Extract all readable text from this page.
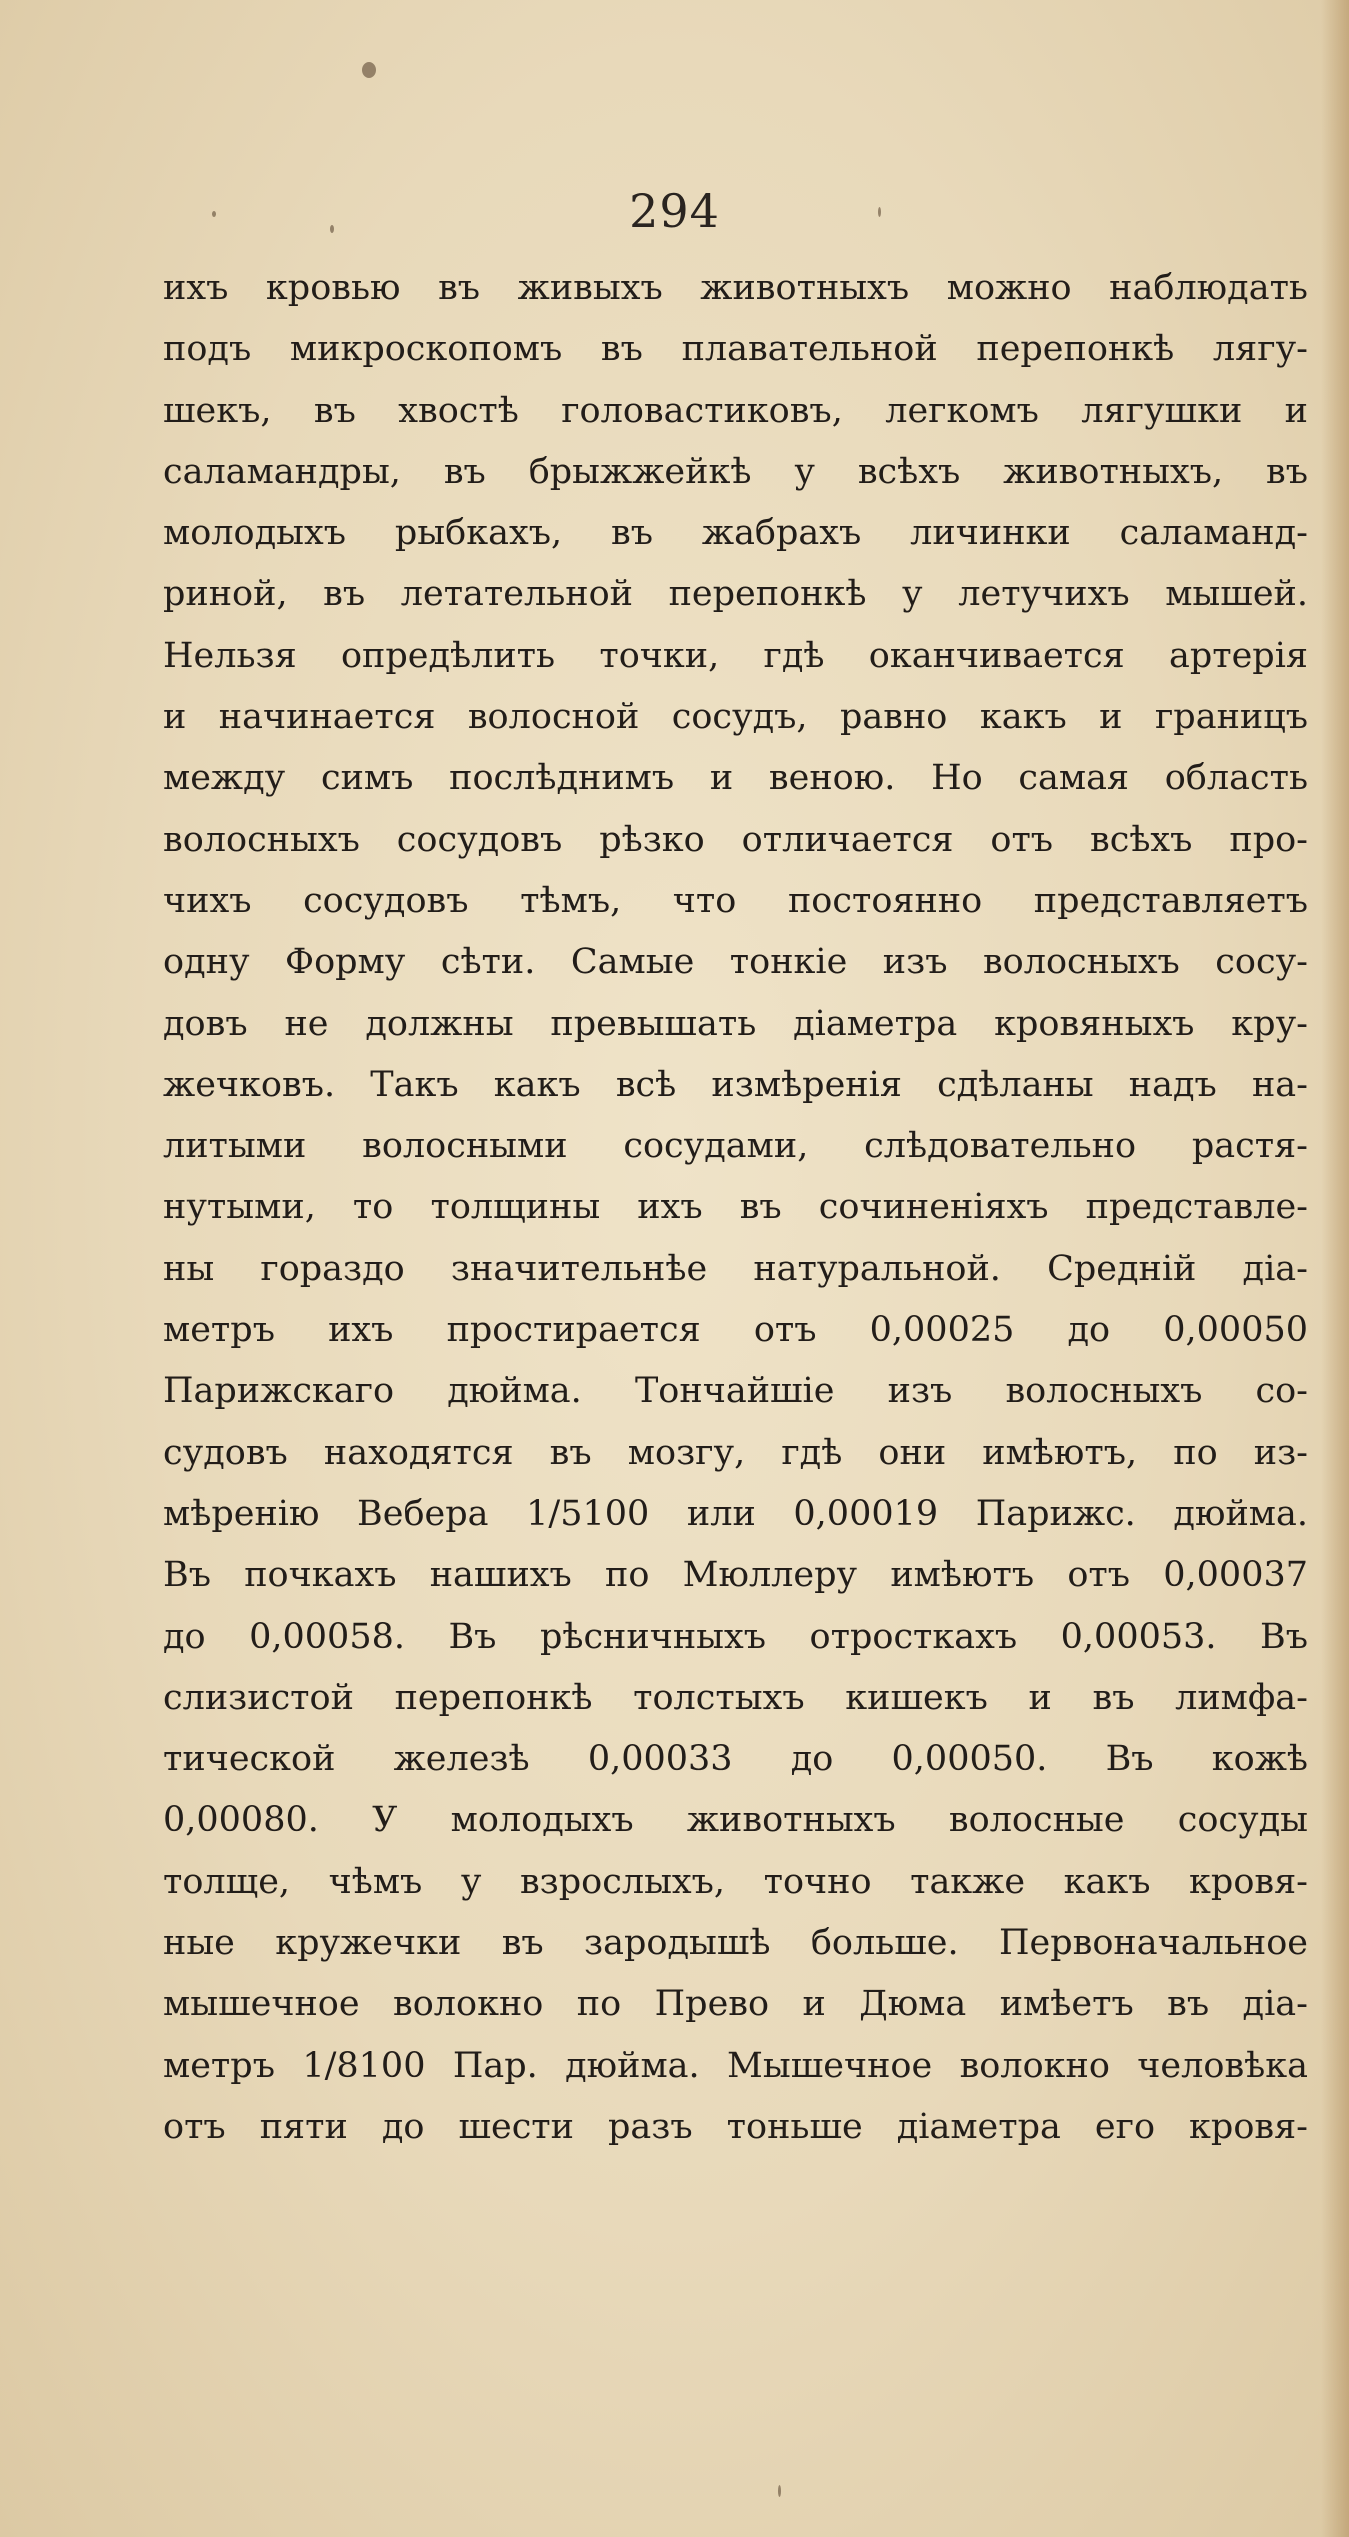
294
ихъ кровью въ живыхъ животныхъ можно наблюдать
подъ микроскопомъ въ плавательной перепонкѣ лягу-
шекъ, въ хвостѣ головастиковъ, легкомъ лягушки и
саламандры, въ брыжжейкѣ у всѣхъ животныхъ, въ
молодыхъ рыбкахъ, въ жабрахъ личинки саламанд-
риной, въ летательной перепонкѣ у летучихъ мышей.
Нельзя опредѣлить точки, гдѣ оканчивается артерія
и начинается волосной сосудъ, равно какъ и границъ
между симъ послѣднимъ и веною. Но самая область
волосныхъ сосудовъ рѣзко отличается отъ всѣхъ про-
чихъ сосудовъ тѣмъ, что постоянно представляетъ
одну Форму сѣти. Самые тонкіе изъ волосныхъ сосу-
довъ не должны превышать діаметра кровяныхъ кру-
жечковъ. Такъ какъ всѣ измѣренія сдѣланы надъ на-
литыми волосными сосудами, слѣдовательно растя-
нутыми, то толщины ихъ въ сочиненіяхъ представле-
ны гораздо значительнѣе натуральной. Средній діа-
метръ ихъ простирается отъ 0,00025 до 0,00050
Парижскаго дюйма. Тончайшіе изъ волосныхъ со-
судовъ находятся въ мозгу, гдѣ они имѣютъ, по из-
мѣренію Вебера 1/5100 или 0,00019 Парижс. дюйма.
Въ почкахъ нашихъ по Мюллеру имѣютъ отъ 0,00037
до 0,00058. Въ рѣсничныхъ отросткахъ 0,00053. Въ
слизистой перепонкѣ толстыхъ кишекъ и въ лимфа-
тической железѣ 0,00033 до 0,00050. Въ кожѣ
0,00080. У молодыхъ животныхъ волосные сосуды
толще, чѣмъ у взрослыхъ, точно также какъ кровя-
ные кружечки въ зародышѣ больше. Первоначальное
мышечное волокно по Прево и Дюма имѣетъ въ діа-
метръ 1/8100 Пар. дюйма. Мышечное волокно человѣка
отъ пяти до шести разъ тоньше діаметра его кровя-
